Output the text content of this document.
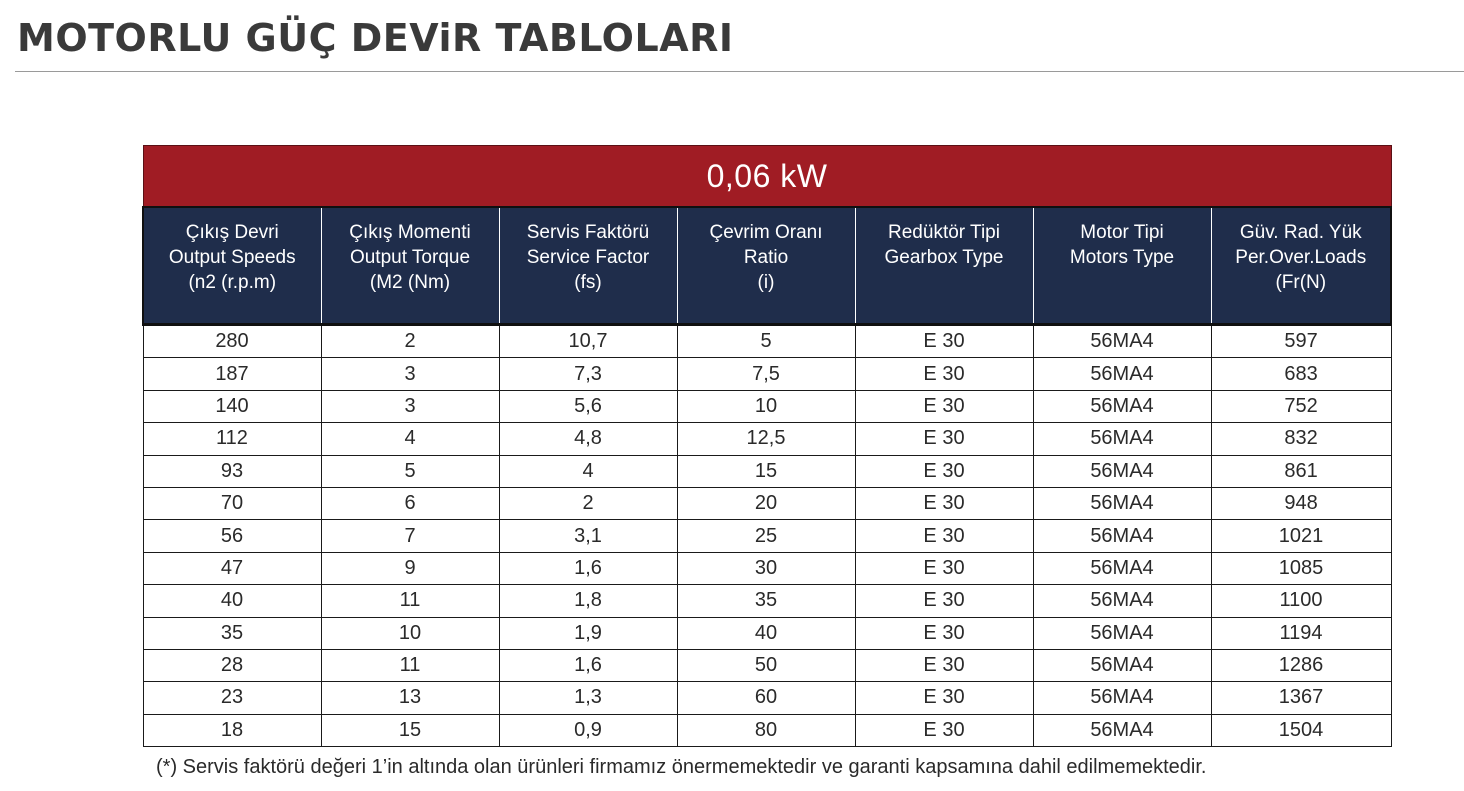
MOTORLU GÜÇ DEViR TABLOLARI
0,06 kW						

Çıkış Devri
Output Speeds
(n2 (r.p.m)	Çıkış Momenti
Output Torque
(M2 (Nm)	Servis Faktörü
Service Factor
(fs)	Çevrim Oranı
Ratio
(i)	Redüktör Tipi
Gearbox Type	Motor Tipi
Motors Type	Güv. Rad. Yük
Per.Over.Loads
(Fr(N)

280	2	10,7	5	E 30	56MA4	597
187	3	7,3	7,5	E 30	56MA4	683
140	3	5,6	10	E 30	56MA4	752
112	4	4,8	12,5	E 30	56MA4	832
93	5	4	15	E 30	56MA4	861
70	6	2	20	E 30	56MA4	948
56	7	3,1	25	E 30	56MA4	1021
47	9	1,6	30	E 30	56MA4	1085
40	11	1,8	35	E 30	56MA4	1100
35	10	1,9	40	E 30	56MA4	1194
28	11	1,6	50	E 30	56MA4	1286
23	13	1,3	60	E 30	56MA4	1367
18	15	0,9	80	E 30	56MA4	1504
(*) Servis faktörü değeri 1’in altında olan ürünleri firmamız önermemektedir ve garanti kapsamına dahil edilmemektedir.
